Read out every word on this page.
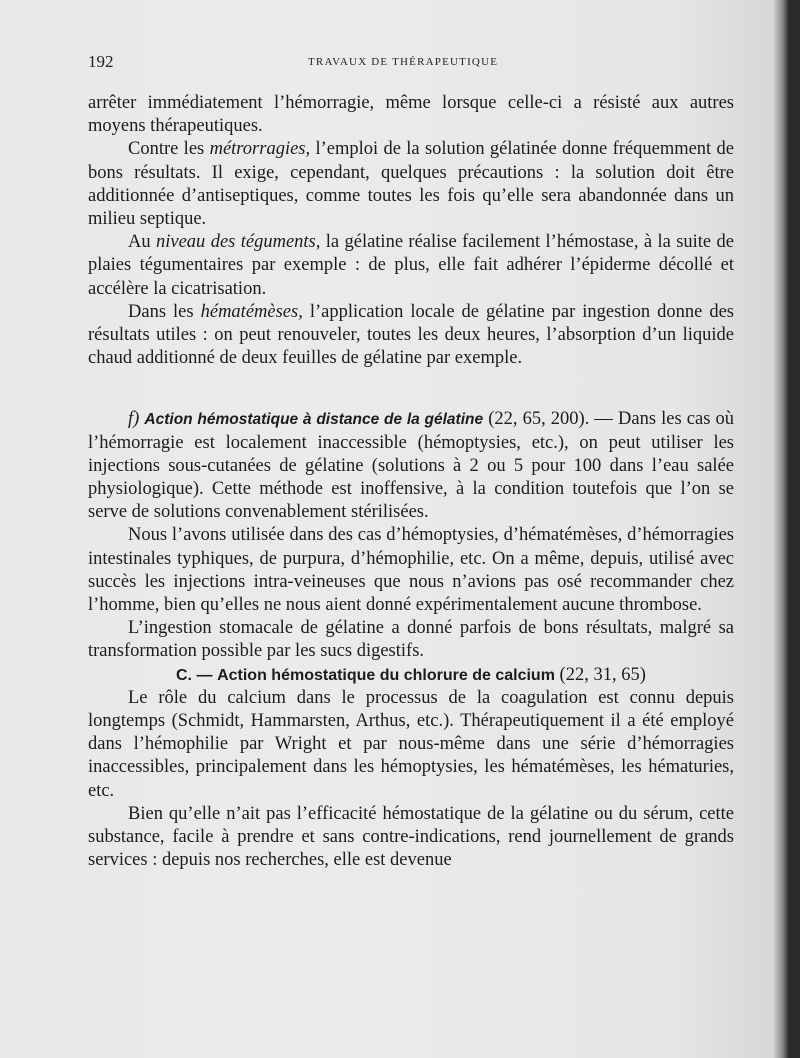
192	TRAVAUX DE THÉRAPEUTIQUE

arrêter immédiatement l’hémorragie, même lorsque celle-ci a résisté aux autres moyens thérapeutiques.

Contre les métrorragies, l’emploi de la solution gélatinée donne fréquemment de bons résultats. Il exige, cependant, quelques précautions : la solution doit être additionnée d’antiseptiques, comme toutes les fois qu’elle sera abandonnée dans un milieu septique.

Au niveau des téguments, la gélatine réalise facilement l’hémostase, à la suite de plaies tégumentaires par exemple : de plus, elle fait adhérer l’épiderme décollé et accélère la cicatrisation.

Dans les hématémèses, l’application locale de gélatine par ingestion donne des résultats utiles : on peut renouveler, toutes les deux heures, l’absorption d’un liquide chaud additionné de deux feuilles de gélatine par exemple.

f) Action hémostatique à distance de la gélatine (22, 65, 200). — Dans les cas où l’hémorragie est localement inaccessible (hémoptysies, etc.), on peut utiliser les injections sous-cutanées de gélatine (solutions à 2 ou 5 pour 100 dans l’eau salée physiologique). Cette méthode est inoffensive, à la condition toutefois que l’on se serve de solutions convenablement stérilisées.

Nous l’avons utilisée dans des cas d’hémoptysies, d’hématémèses, d’hémorragies intestinales typhiques, de purpura, d’hémophilie, etc. On a même, depuis, utilisé avec succès les injections intra-veineuses que nous n’avions pas osé recommander chez l’homme, bien qu’elles ne nous aient donné expérimentalement aucune thrombose.

L’ingestion stomacale de gélatine a donné parfois de bons résultats, malgré sa transformation possible par les sucs digestifs.

C. — Action hémostatique du chlorure de calcium (22, 31, 65)

Le rôle du calcium dans le processus de la coagulation est connu depuis longtemps (Schmidt, Hammarsten, Arthus, etc.). Thérapeutiquement il a été employé dans l’hémophilie par Wright et par nous-même dans une série d’hémorragies inaccessibles, principalement dans les hémoptysies, les hématémèses, les hématuries, etc.

Bien qu’elle n’ait pas l’efficacité hémostatique de la gélatine ou du sérum, cette substance, facile à prendre et sans contre-indications, rend journellement de grands services : depuis nos recherches, elle est devenue
